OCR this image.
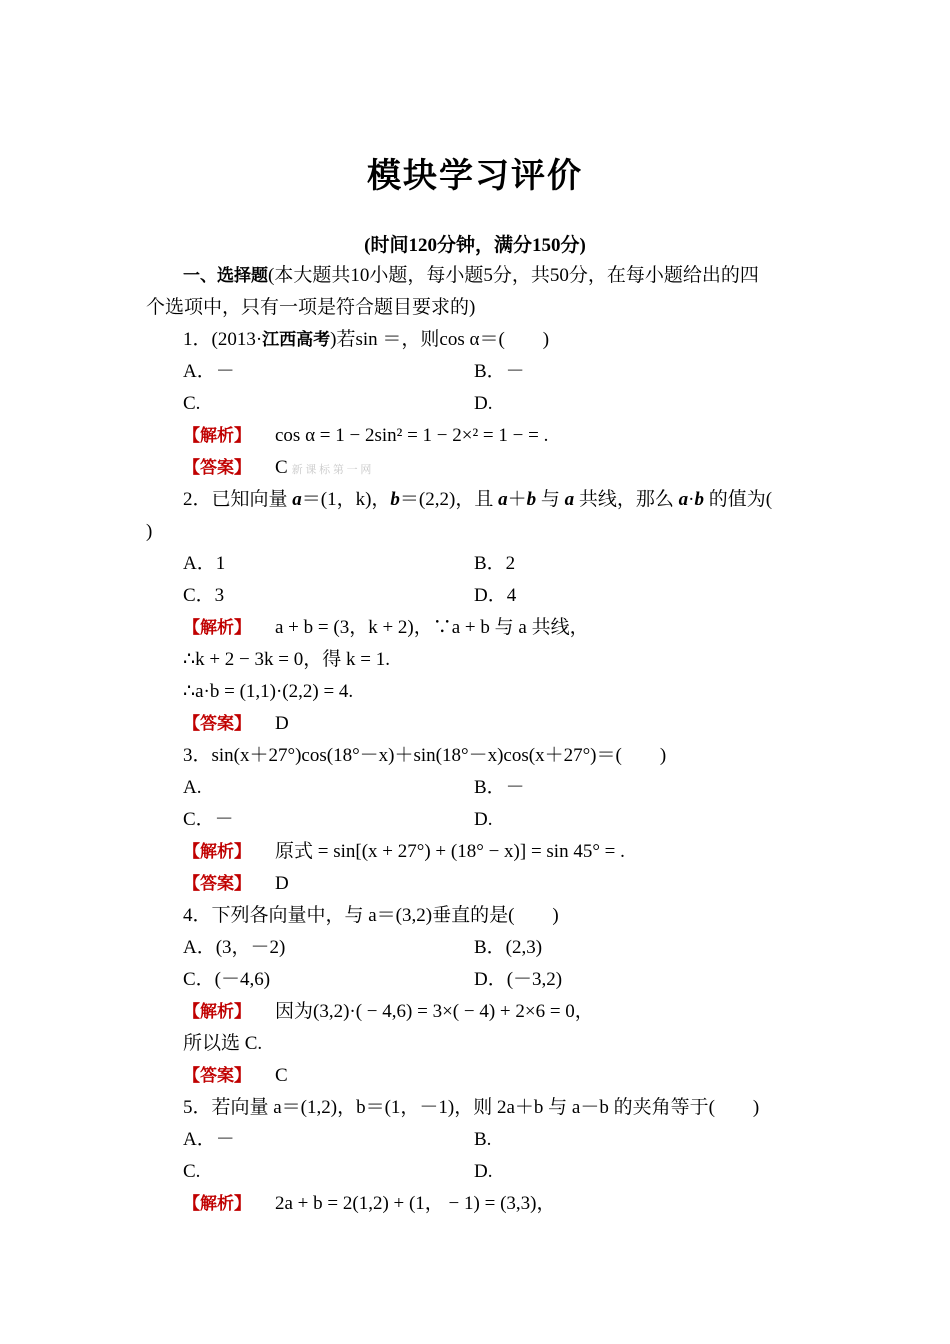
模块学习评价
(时间120分钟，满分150分)
一、选择题(本大题共10小题，每小题5分，共50分，在每小题给出的四
个选项中，只有一项是符合题目要求的)
1．(2013·江西高考)若sin ＝，则cos α＝(　　)
A．－	B．－
C.	D.
【解析】 cos α = 1 − 2sin² = 1 − 2×² = 1 − = .
【答案】 C 新 课 标 第 一 网
2．已知向量 a＝(1，k)，b＝(2,2)，且 a＋b 与 a 共线，那么 a·b 的值为(
)
A．1	B．2
C．3	D．4
【解析】 a + b = (3，k + 2)，∵a + b 与 a 共线，
∴k + 2 − 3k = 0，得 k = 1.
∴a·b = (1,1)·(2,2) = 4.
【答案】 D
3．sin(x＋27°)cos(18°－x)＋sin(18°－x)cos(x＋27°)＝(　　)
A.	B．－
C．－	D.
【解析】 原式 = sin[(x + 27°) + (18° − x)] = sin 45° = .
【答案】 D
4．下列各向量中，与 a＝(3,2)垂直的是(　　)
A．(3，－2)	B．(2,3)
C．(－4,6)	D．(－3,2)
【解析】 因为(3,2)·( − 4,6) = 3×( − 4) + 2×6 = 0，
所以选 C.
【答案】 C
5．若向量 a＝(1,2)，b＝(1，－1)，则 2a＋b 与 a－b 的夹角等于(　　)
A．－	B.
C.	D.
【解析】 2a + b = 2(1,2) + (1， − 1) = (3,3)，
